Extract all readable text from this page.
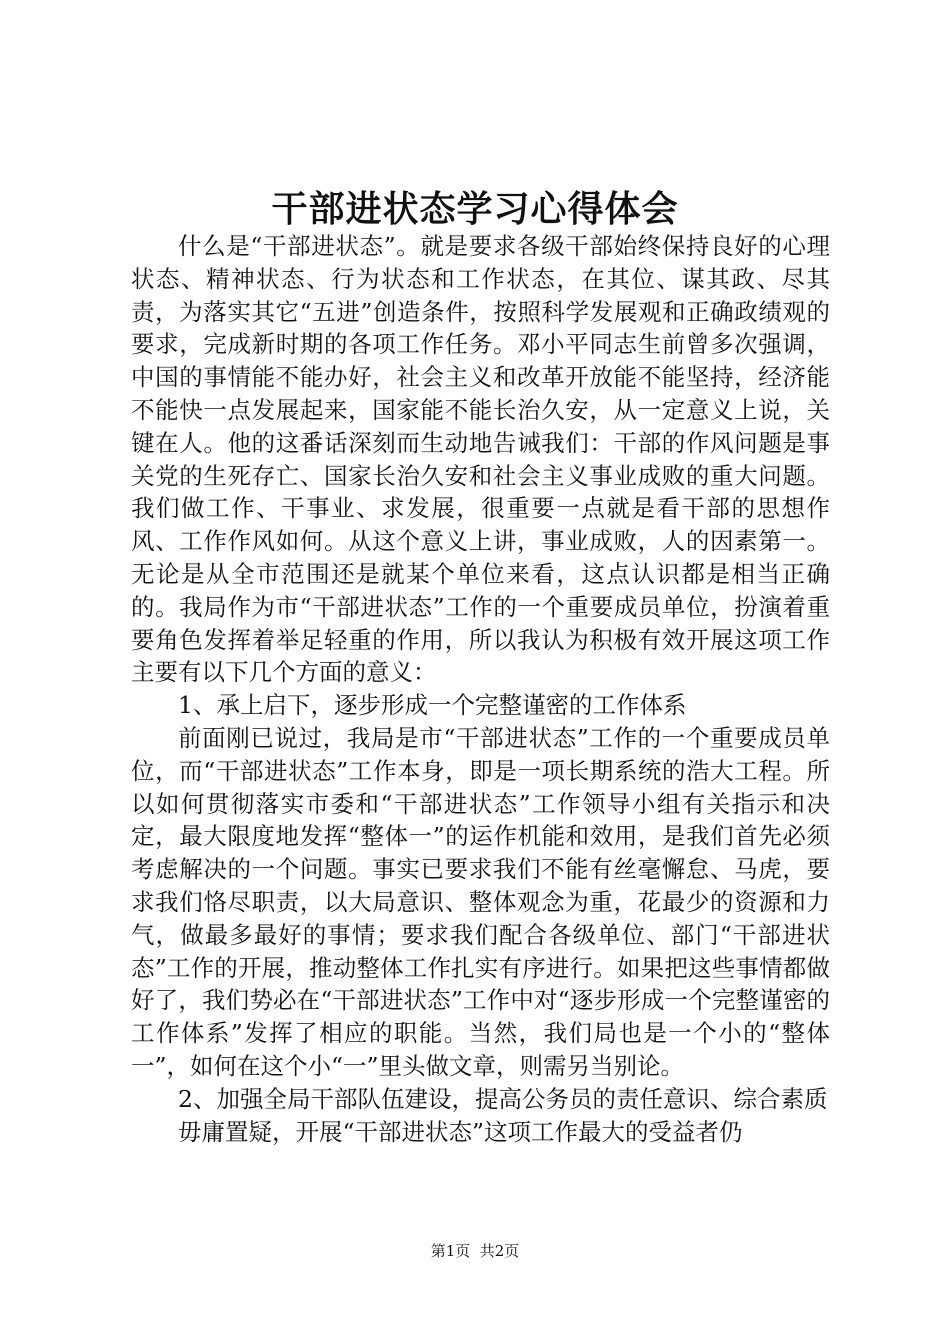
干部进状态学习心得体会

什么是“干部进状态”。就是要求各级干部始终保持良好的心理状态、精神状态、行为状态和工作状态，在其位、谋其政、尽其责，为落实其它“五进”创造条件，按照科学发展观和正确政绩观的要求，完成新时期的各项工作任务。邓小平同志生前曾多次强调，中国的事情能不能办好，社会主义和改革开放能不能坚持，经济能不能快一点发展起来，国家能不能长治久安，从一定意义上说，关键在人。他的这番话深刻而生动地告诫我们：干部的作风问题是事关党的生死存亡、国家长治久安和社会主义事业成败的重大问题。我们做工作、干事业、求发展，很重要一点就是看干部的思想作风、工作作风如何。从这个意义上讲，事业成败，人的因素第一。无论是从全市范围还是就某个单位来看，这点认识都是相当正确的。我局作为市“干部进状态”工作的一个重要成员单位，扮演着重要角色发挥着举足轻重的作用，所以我认为积极有效开展这项工作主要有以下几个方面的意义：

1、承上启下，逐步形成一个完整谨密的工作体系

前面刚已说过，我局是市“干部进状态”工作的一个重要成员单位，而“干部进状态”工作本身，即是一项长期系统的浩大工程。所以如何贯彻落实市委和“干部进状态”工作领导小组有关指示和决定，最大限度地发挥“整体一”的运作机能和效用，是我们首先必须考虑解决的一个问题。事实已要求我们不能有丝毫懈怠、马虎，要求我们恪尽职责，以大局意识、整体观念为重，花最少的资源和力气，做最多最好的事情；要求我们配合各级单位、部门“干部进状态”工作的开展，推动整体工作扎实有序进行。如果把这些事情都做好了，我们势必在“干部进状态”工作中对“逐步形成一个完整谨密的工作体系”发挥了相应的职能。当然，我们局也是一个小的“整体一”，如何在这个小“一”里头做文章，则需另当别论。

2、加强全局干部队伍建设，提高公务员的责任意识、综合素质

毋庸置疑，开展“干部进状态”这项工作最大的受益者仍

第1页  共2页
